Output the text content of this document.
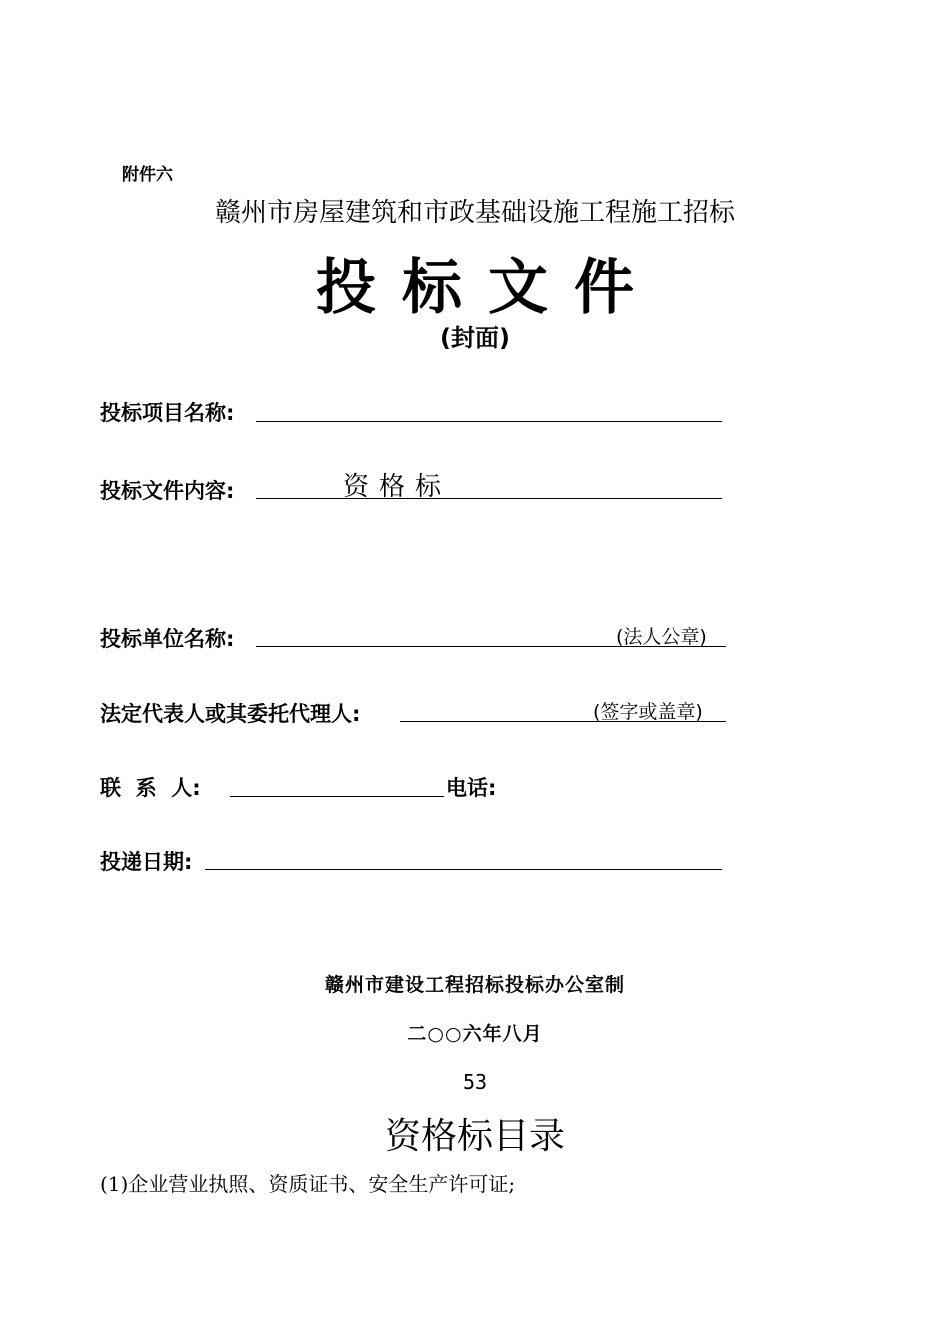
附件六
赣州市房屋建筑和市政基础设施工程施工招标
投标文件
(封面)
投标项目名称:
投标文件内容:	资格标
投标单位名称:	(法人公章)
法定代表人或其委托代理人:	(签字或盖章)
联  系  人:	电话:
投递日期:
赣州市建设工程招标投标办公室制
二○○六年八月
53
资格标目录
(1)企业营业执照、资质证书、安全生产许可证;
